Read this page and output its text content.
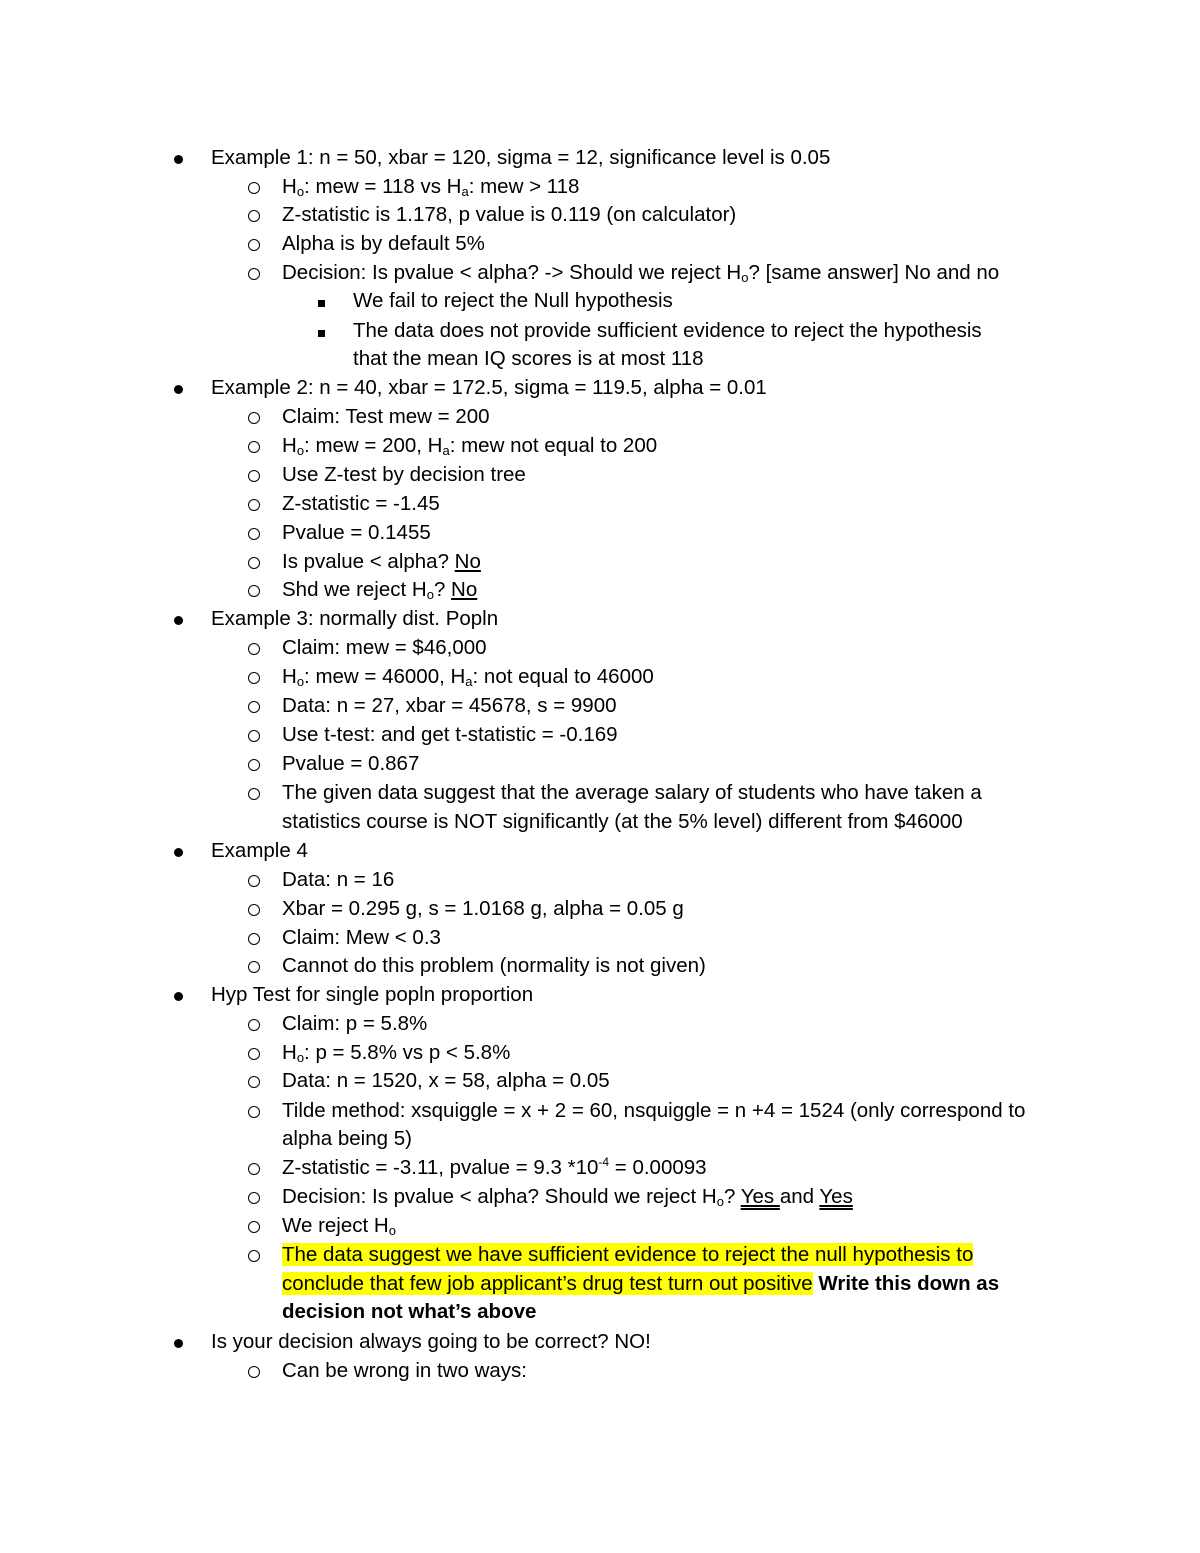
Example 1: n = 50, xbar = 120, sigma = 12, significance level is 0.05
$H_o$: mew = 118 vs $H_a$: mew > 118
Z-statistic is 1.178, p value is 0.119 (on calculator)
Alpha is by default 5%
Decision: Is pvalue < alpha? -> Should we reject $H_o$? [same answer] No and no
We fail to reject the Null hypothesis
The data does not provide sufficient evidence to reject the hypothesis
that the mean IQ scores is at most 118
Example 2: n = 40, xbar = 172.5, sigma = 119.5, alpha = 0.01
Claim: Test mew = 200
$H_o$: mew = 200, $H_a$: mew not equal to 200
Use Z-test by decision tree
Z-statistic = -1.45
Pvalue = 0.1455
Is pvalue < alpha? No
Shd we reject $H_o$? No
Example 3: normally dist. Popln
Claim: mew = $46,000
$H_o$: mew = 46000, $H_a$: not equal to 46000
Data: n = 27, xbar = 45678, s = 9900
Use t-test: and get t-statistic = -0.169
Pvalue = 0.867
The given data suggest that the average salary of students who have taken a
statistics course is NOT significantly (at the 5% level) different from $46000
Example 4
Data: n = 16
Xbar = 0.295 g, s = 1.0168 g, alpha = 0.05 g
Claim: Mew < 0.3
Cannot do this problem (normality is not given)
Hyp Test for single popln proportion
Claim: p = 5.8%
$H_o$: p = 5.8% vs p < 5.8%
Data: n = 1520, x = 58, alpha = 0.05
Tilde method: xsquiggle = x + 2 = 60, nsquiggle = n +4 = 1524 (only correspond to
alpha being 5)
Z-statistic = -3.11, pvalue = 9.3 $*10^{-4} = 0.00093$
Decision: Is pvalue < alpha? Should we reject $H_o$? Yes and Yes
We reject $H_o$
The data suggest we have sufficient evidence to reject the null hypothesis to
conclude that few job applicant’s drug test turn out positive Write this down as
decision not what’s above
Is your decision always going to be correct? NO!
Can be wrong in two ways:
